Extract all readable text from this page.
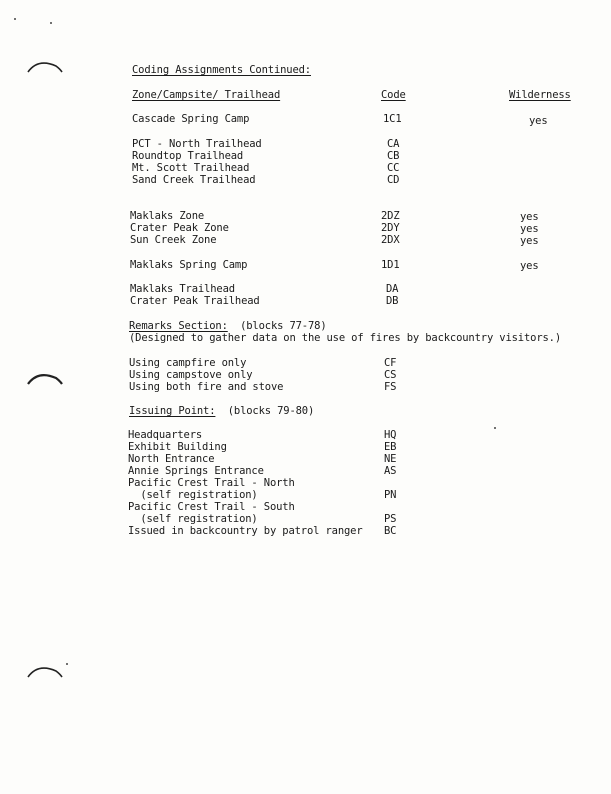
Coding Assignments Continued:
Zone/Campsite/ Trailhead	Code	Wilderness
Cascade Spring Camp	1C1	yes
PCT - North Trailhead	CA
Roundtop Trailhead	CB
Mt. Scott Trailhead	CC
Sand Creek Trailhead	CD
Maklaks Zone	2DZ	yes
Crater Peak Zone	2DY	yes
Sun Creek Zone	2DX	yes
Maklaks Spring Camp	1D1	yes
Maklaks Trailhead	DA
Crater Peak Trailhead	DB
Remarks Section: (blocks 77-78)
(Designed to gather data on the use of fires by backcountry visitors.)
Using campfire only	CF
Using campstove only	CS
Using both fire and stove	FS
Issuing Point: (blocks 79-80)
Headquarters	HQ
Exhibit Building	EB
North Entrance	NE
Annie Springs Entrance	AS
Pacific Crest Trail - North
(self registration)	PN
Pacific Crest Trail - South
(self registration)	PS
Issued in backcountry by patrol ranger BC
